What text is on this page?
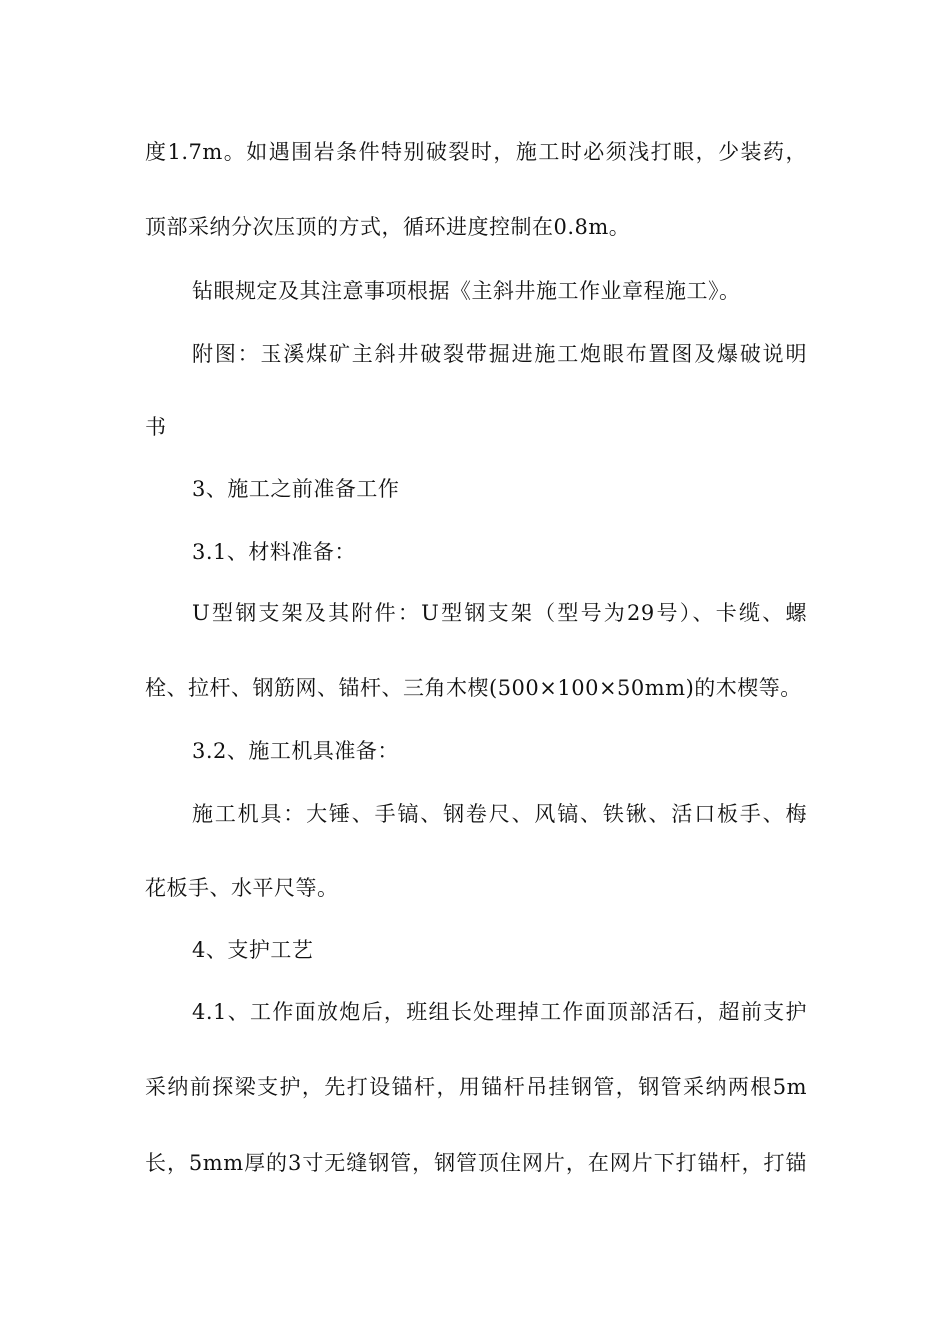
度1.7m。如遇围岩条件特别破裂时，施工时必须浅打眼，少装药，
顶部采纳分次压顶的方式，循环进度控制在0.8m。
钻眼规定及其注意事项根据《主斜井施工作业章程施工》。
附图：玉溪煤矿主斜井破裂带掘进施工炮眼布置图及爆破说明
书
3、施工之前准备工作
3.1、材料准备：
U型钢支架及其附件：U型钢支架（型号为29号）、卡缆、螺
栓、拉杆、钢筋网、锚杆、三角木楔(500×100×50mm)的木楔等。
3.2、施工机具准备：
施工机具：大锤、手镐、钢卷尺、风镐、铁锹、活口板手、梅
花板手、水平尺等。
4、支护工艺
4.1、工作面放炮后，班组长处理掉工作面顶部活石，超前支护
采纳前探梁支护，先打设锚杆，用锚杆吊挂钢管，钢管采纳两根5m
长，5mm厚的3寸无缝钢管，钢管顶住网片，在网片下打锚杆，打锚
